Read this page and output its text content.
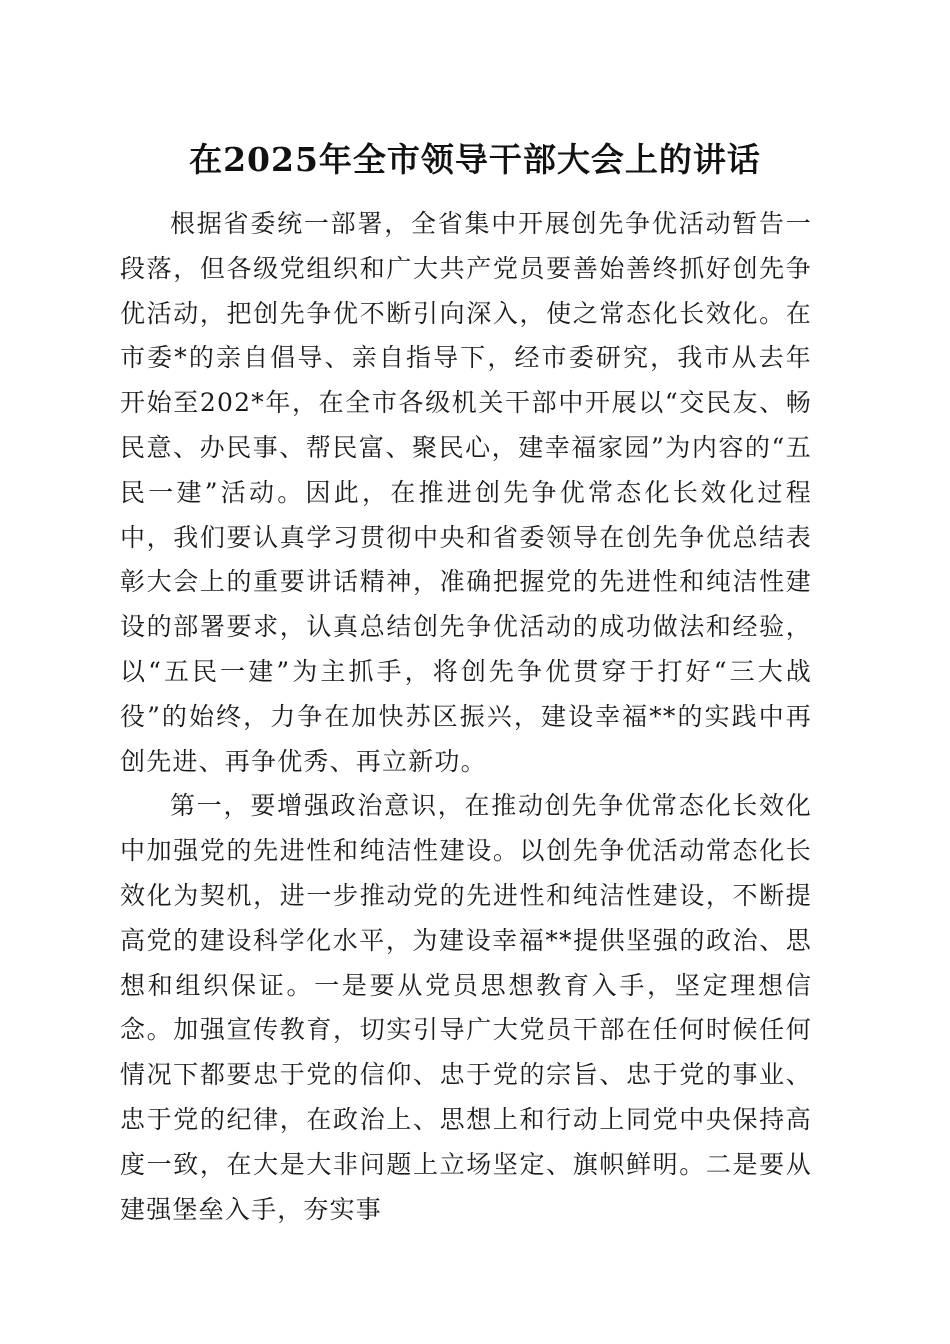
在2025年全市领导干部大会上的讲话

根据省委统一部署，全省集中开展创先争优活动暂告一段落，但各级党组织和广大共产党员要善始善终抓好创先争优活动，把创先争优不断引向深入，使之常态化长效化。在市委*的亲自倡导、亲自指导下，经市委研究，我市从去年开始至202*年，在全市各级机关干部中开展以“交民友、畅民意、办民事、帮民富、聚民心，建幸福家园”为内容的“五民一建”活动。因此，在推进创先争优常态化长效化过程中，我们要认真学习贯彻中央和省委领导在创先争优总结表彰大会上的重要讲话精神，准确把握党的先进性和纯洁性建设的部署要求，认真总结创先争优活动的成功做法和经验，以“五民一建”为主抓手，将创先争优贯穿于打好“三大战役”的始终，力争在加快苏区振兴，建设幸福**的实践中再创先进、再争优秀、再立新功。

第一，要增强政治意识，在推动创先争优常态化长效化中加强党的先进性和纯洁性建设。以创先争优活动常态化长效化为契机，进一步推动党的先进性和纯洁性建设，不断提高党的建设科学化水平，为建设幸福**提供坚强的政治、思想和组织保证。一是要从党员思想教育入手，坚定理想信念。加强宣传教育，切实引导广大党员干部在任何时候任何情况下都要忠于党的信仰、忠于党的宗旨、忠于党的事业、忠于党的纪律，在政治上、思想上和行动上同党中央保持高度一致，在大是大非问题上立场坚定、旗帜鲜明。二是要从建强堡垒入手，夯实事
